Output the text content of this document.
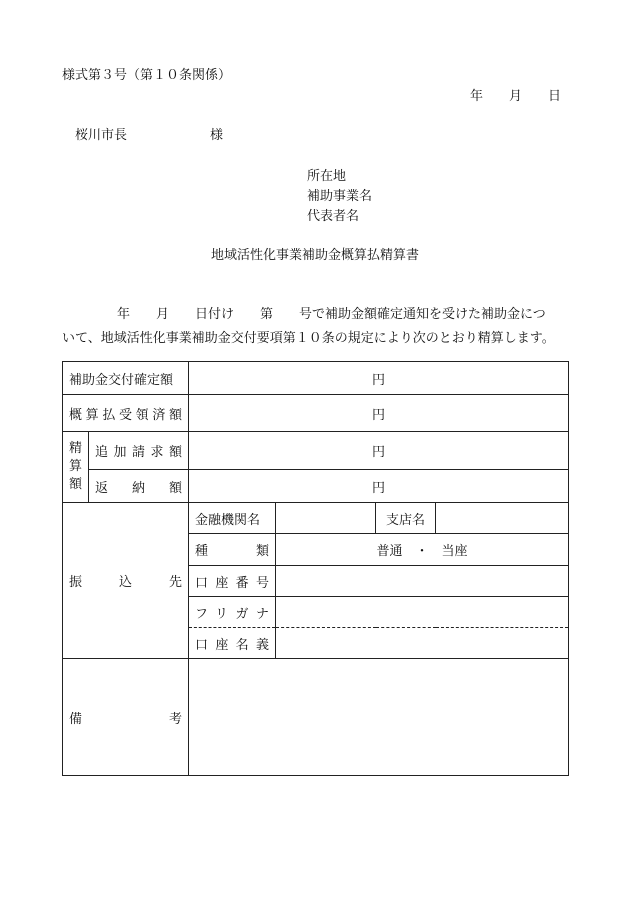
様式第３号（第１０条関係）
年　　月　　日
桜川市長	様
所在地
補助事業名
代表者名
地域活性化事業補助金概算払精算書
年　　月　　日付け　　第　　号で補助金額確定通知を受けた補助金につ
いて、地域活性化事業補助金交付要項第１０条の規定により次のとおり精算します。
補助金交付確定額		円			
概算払受領済額		円			
精
算
額	追加請求額	円			
	返　納　額	円			
振　込　先		金融機関名		支店名	
		種　類	普通　・　当座		
		口座番号			
		フリガナ			
		口座名義			
備　考					
